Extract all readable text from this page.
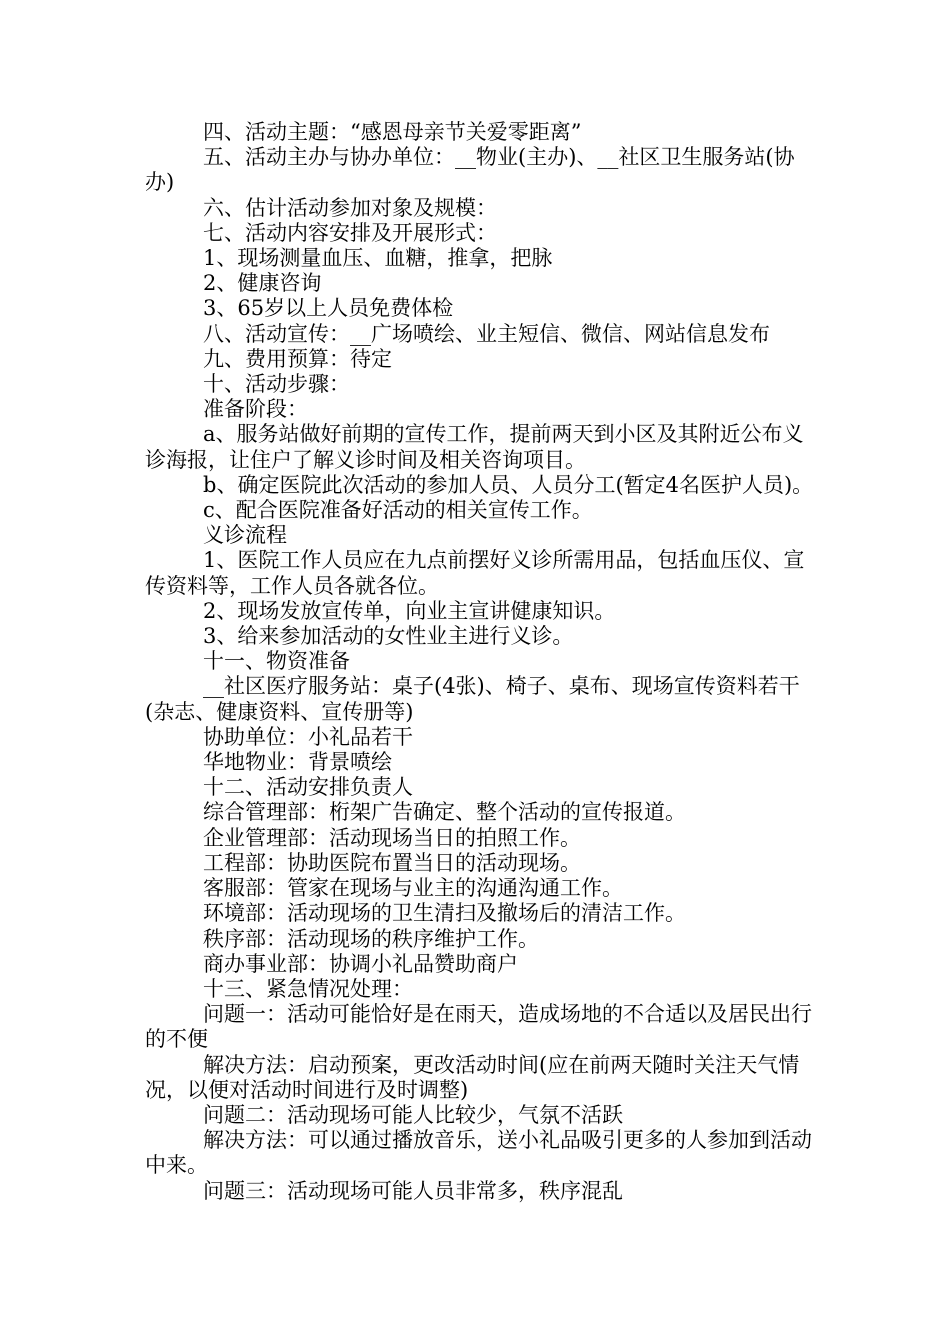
四、活动主题：“感恩母亲节关爱零距离”

五、活动主办与协办单位：__物业(主办)、__社区卫生服务站(协办)

六、估计活动参加对象及规模：

七、活动内容安排及开展形式：

1、现场测量血压、血糖，推拿，把脉

2、健康咨询

3、65岁以上人员免费体检

八、活动宣传：__广场喷绘、业主短信、微信、网站信息发布

九、费用预算：待定

十、活动步骤：

准备阶段：

a、服务站做好前期的宣传工作，提前两天到小区及其附近公布义诊海报，让住户了解义诊时间及相关咨询项目。

b、确定医院此次活动的参加人员、人员分工(暂定4名医护人员)。

c、配合医院准备好活动的相关宣传工作。

义诊流程

1、医院工作人员应在九点前摆好义诊所需用品，包括血压仪、宣传资料等，工作人员各就各位。

2、现场发放宣传单，向业主宣讲健康知识。

3、给来参加活动的女性业主进行义诊。

十一、物资准备

__社区医疗服务站：桌子(4张)、椅子、桌布、现场宣传资料若干(杂志、健康资料、宣传册等)

协助单位：小礼品若干

华地物业：背景喷绘

十二、活动安排负责人

综合管理部：桁架广告确定、整个活动的宣传报道。

企业管理部：活动现场当日的拍照工作。

工程部：协助医院布置当日的活动现场。

客服部：管家在现场与业主的沟通沟通工作。

环境部：活动现场的卫生清扫及撤场后的清洁工作。

秩序部：活动现场的秩序维护工作。

商办事业部：协调小礼品赞助商户

十三、紧急情况处理：

问题一：活动可能恰好是在雨天，造成场地的不合适以及居民出行的不便

解决方法：启动预案，更改活动时间(应在前两天随时关注天气情况，以便对活动时间进行及时调整)

问题二：活动现场可能人比较少，气氛不活跃

解决方法：可以通过播放音乐，送小礼品吸引更多的人参加到活动中来。

问题三：活动现场可能人员非常多，秩序混乱
